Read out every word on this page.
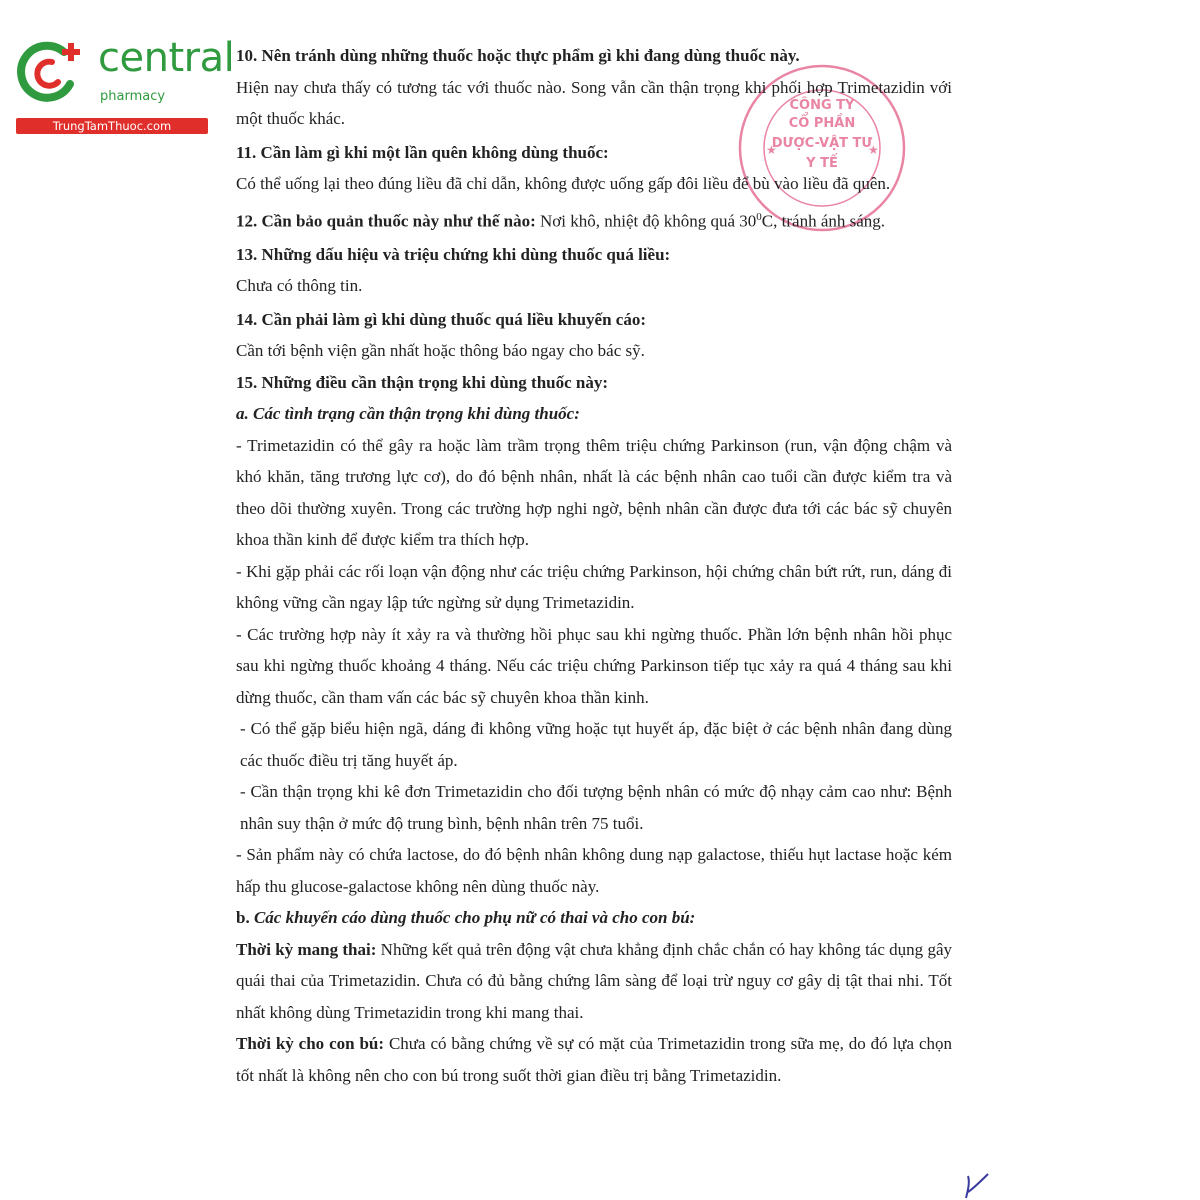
central
pharmacy
TrungTamThuoc.com
★	★
CÔNG TY
CỔ PHẦN
DƯỢC-VẬT TƯ
Y TẾ

10. Nên tránh dùng những thuốc hoặc thực phẩm gì khi đang dùng thuốc này.

Hiện nay chưa thấy có tương tác với thuốc nào. Song vẫn cần thận trọng khi phối hợp Trimetazidin với một thuốc khác.

11. Cần làm gì khi một lần quên không dùng thuốc:

Có thể uống lại theo đúng liều đã chỉ dẫn, không được uống gấp đôi liều để bù vào liều đã quên.

12. Cần bảo quản thuốc này như thế nào: Nơi khô, nhiệt độ không quá $30^0C$, tránh ánh sáng.

13. Những dấu hiệu và triệu chứng khi dùng thuốc quá liều:

Chưa có thông tin.

14. Cần phải làm gì khi dùng thuốc quá liều khuyến cáo:

Cần tới bệnh viện gần nhất hoặc thông báo ngay cho bác sỹ.

15. Những điều cần thận trọng khi dùng thuốc này:

a. Các tình trạng cần thận trọng khi dùng thuốc:

- Trimetazidin có thể gây ra hoặc làm trầm trọng thêm triệu chứng Parkinson (run, vận động chậm và khó khăn, tăng trương lực cơ), do đó bệnh nhân, nhất là các bệnh nhân cao tuổi cần được kiểm tra và theo dõi thường xuyên. Trong các trường hợp nghi ngờ, bệnh nhân cần được đưa tới các bác sỹ chuyên khoa thần kinh để được kiểm tra thích hợp.

- Khi gặp phải các rối loạn vận động như các triệu chứng Parkinson, hội chứng chân bứt rứt, run, dáng đi không vững cần ngay lập tức ngừng sử dụng Trimetazidin.

- Các trường hợp này ít xảy ra và thường hồi phục sau khi ngừng thuốc. Phần lớn bệnh nhân hồi phục sau khi ngừng thuốc khoảng 4 tháng. Nếu các triệu chứng Parkinson tiếp tục xảy ra quá 4 tháng sau khi dừng thuốc, cần tham vấn các bác sỹ chuyên khoa thần kinh.

- Có thể gặp biểu hiện ngã, dáng đi không vững hoặc tụt huyết áp, đặc biệt ở các bệnh nhân đang dùng các thuốc điều trị tăng huyết áp.

- Cần thận trọng khi kê đơn Trimetazidin cho đối tượng bệnh nhân có mức độ nhạy cảm cao như: Bệnh nhân suy thận ở mức độ trung bình, bệnh nhân trên 75 tuổi.

- Sản phẩm này có chứa lactose, do đó bệnh nhân không dung nạp galactose, thiếu hụt lactase hoặc kém hấp thu glucose-galactose không nên dùng thuốc này.

b. Các khuyến cáo dùng thuốc cho phụ nữ có thai và cho con bú:

Thời kỳ mang thai: Những kết quả trên động vật chưa khẳng định chắc chắn có hay không tác dụng gây quái thai của Trimetazidin. Chưa có đủ bằng chứng lâm sàng để loại trừ nguy cơ gây dị tật thai nhi. Tốt nhất không dùng Trimetazidin trong khi mang thai.

Thời kỳ cho con bú: Chưa có bằng chứng về sự có mặt của Trimetazidin trong sữa mẹ, do đó lựa chọn tốt nhất là không nên cho con bú trong suốt thời gian điều trị bằng Trimetazidin.
